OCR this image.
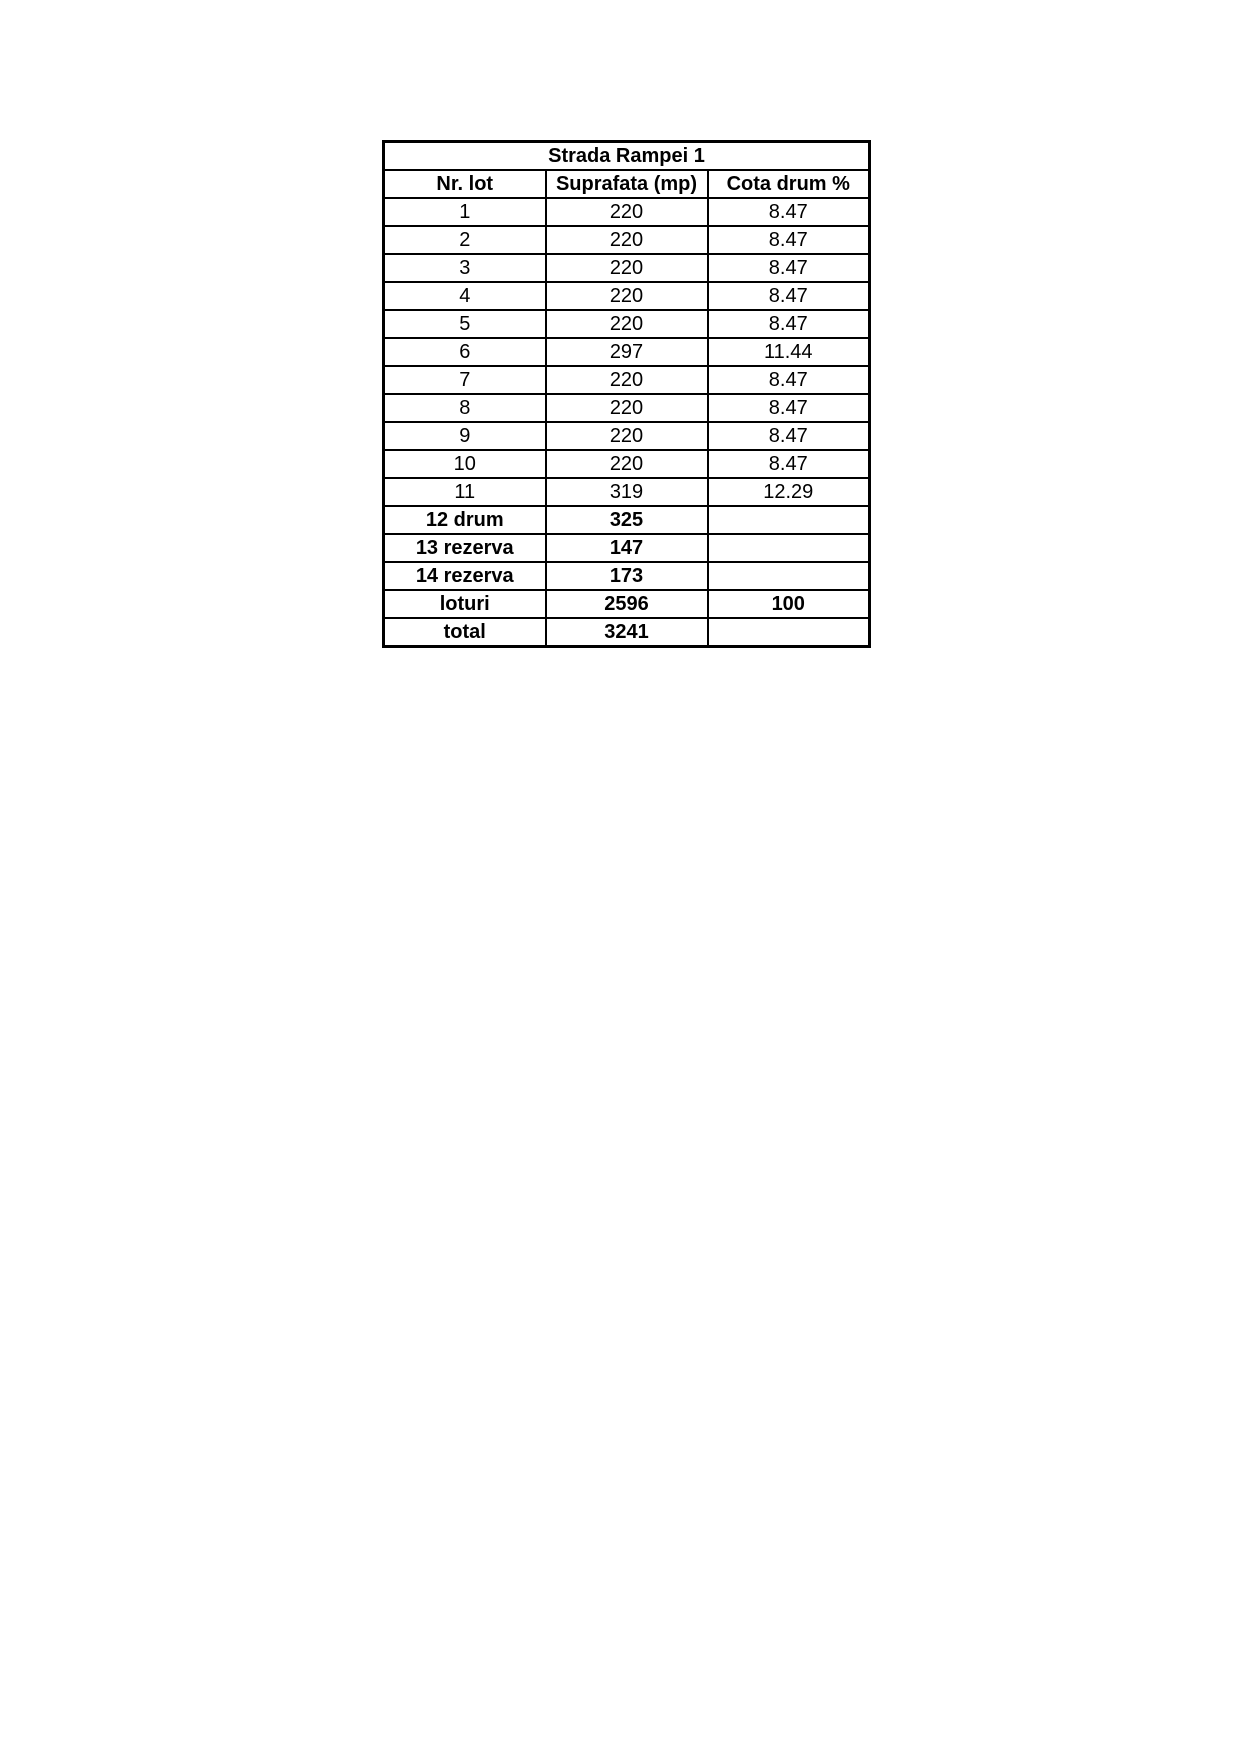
Strada Rampei 1		
Nr. lot	Suprafata (mp)	Cota drum %
1	220	8.47
2	220	8.47
3	220	8.47
4	220	8.47
5	220	8.47
6	297	11.44
7	220	8.47
8	220	8.47
9	220	8.47
10	220	8.47
11	319	12.29
12 drum	325	
13 rezerva	147	
14 rezerva	173	
loturi	2596	100
total	3241	
